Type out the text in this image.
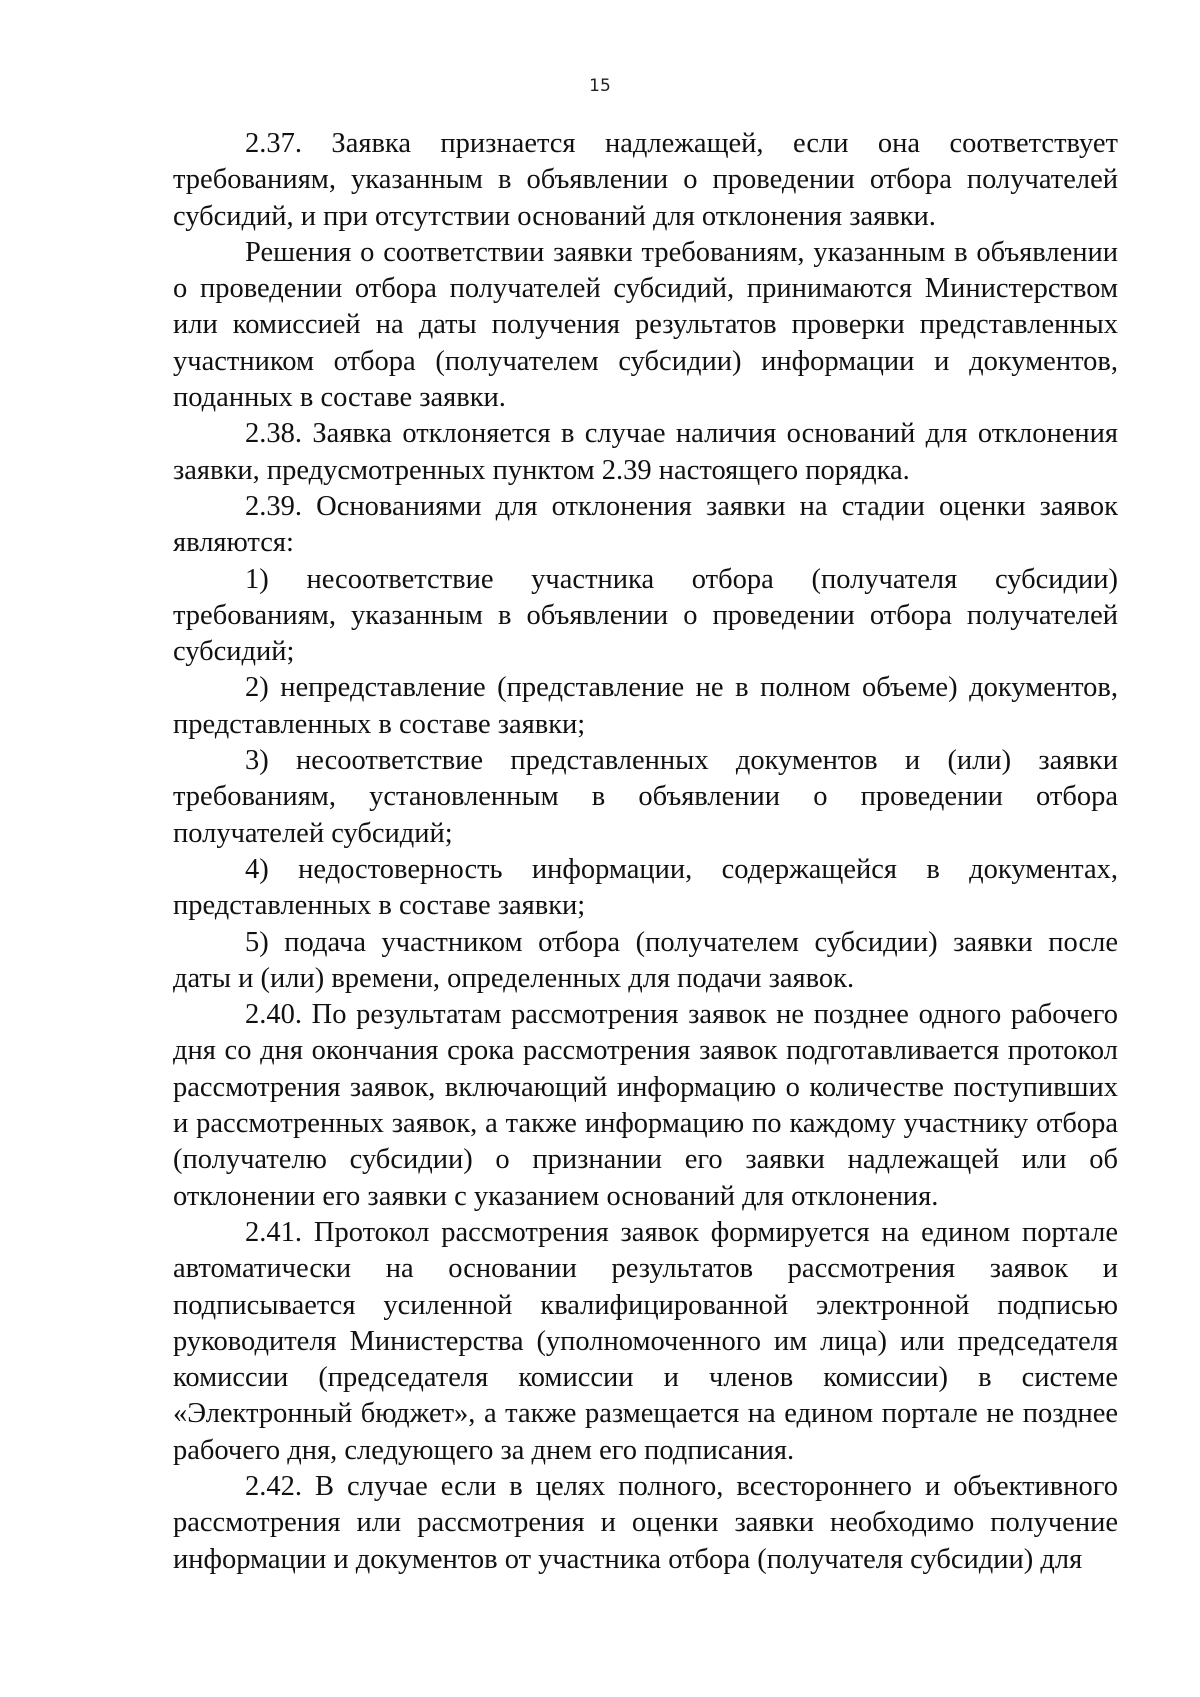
15

2.37. Заявка признается надлежащей, если она соответствует требованиям, указанным в объявлении о проведении отбора получателей субсидий, и при отсутствии оснований для отклонения заявки.

Решения о соответствии заявки требованиям, указанным в объявлении о проведении отбора получателей субсидий, принимаются Министерством или комиссией на даты получения результатов проверки представленных участником отбора (получателем субсидии) информации и документов, поданных в составе заявки.

2.38. Заявка отклоняется в случае наличия оснований для отклонения заявки, предусмотренных пунктом 2.39 настоящего порядка.

2.39. Основаниями для отклонения заявки на стадии оценки заявок являются:

1) несоответствие участника отбора (получателя субсидии) требованиям, указанным в объявлении о проведении отбора получателей субсидий;

2) непредставление (представление не в полном объеме) документов, представленных в составе заявки;

3) несоответствие представленных документов и (или) заявки требованиям, установленным в объявлении о проведении отбора получателей субсидий;

4) недостоверность информации, содержащейся в документах, представленных в составе заявки;

5) подача участником отбора (получателем субсидии) заявки после даты и (или) времени, определенных для подачи заявок.

2.40. По результатам рассмотрения заявок не позднее одного рабочего дня со дня окончания срока рассмотрения заявок подготавливается протокол рассмотрения заявок, включающий информацию о количестве поступивших и рассмотренных заявок, а также информацию по каждому участнику отбора (получателю субсидии) о признании его заявки надлежащей или об отклонении его заявки с указанием оснований для отклонения.

2.41. Протокол рассмотрения заявок формируется на едином портале автоматически на основании результатов рассмотрения заявок и подписывается усиленной квалифицированной электронной подписью руководителя Министерства (уполномоченного им лица) или председателя комиссии (председателя комиссии и членов комиссии) в системе «Электронный бюджет», а также размещается на едином портале не позднее рабочего дня, следующего за днем его подписания.

2.42. В случае если в целях полного, всестороннего и объективного рассмотрения или рассмотрения и оценки заявки необходимо получение информации и документов от участника отбора (получателя субсидии) для
